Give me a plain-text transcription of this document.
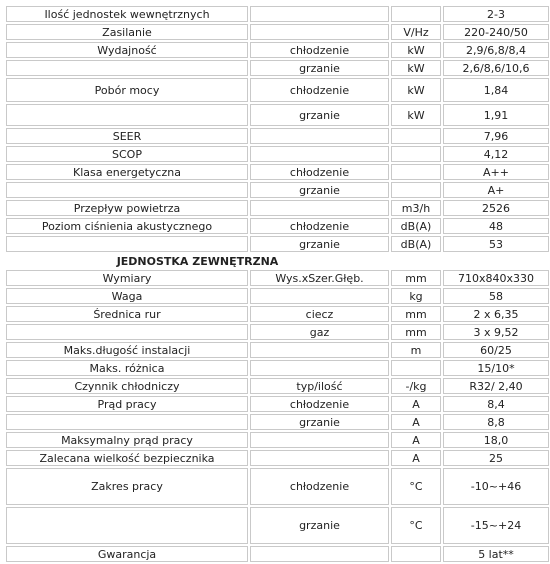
Ilość jednostek wewnętrznych			2-3
Zasilanie		V/Hz	220-240/50
Wydajność	chłodzenie	kW	2,9/6,8/8,4
	grzanie	kW	2,6/8,6/10,6
Pobór mocy	chłodzenie	kW	1,84
	grzanie	kW	1,91
SEER			7,96
SCOP			4,12
Klasa energetyczna	chłodzenie		A++
	grzanie		A+
Przepływ powietrza		m3/h	2526
Poziom ciśnienia akustycznego	chłodzenie	dB(A)	48
	grzanie	dB(A)	53
JEDNOSTKA ZEWNĘTRZNA			
Wymiary	Wys.xSzer.Głęb.	mm	710x840x330
Waga		kg	58
Średnica rur	ciecz	mm	2 x 6,35
	gaz	mm	3 x 9,52
Maks.długość instalacji		m	60/25
Maks. różnica			15/10*
Czynnik chłodniczy	typ/ilość	-/kg	R32/ 2,40
Prąd pracy	chłodzenie	A	8,4
	grzanie	A	8,8
Maksymalny prąd pracy		A	18,0
Zalecana wielkość bezpiecznika		A	25
Zakres pracy	chłodzenie	°C	-10~+46
	grzanie	°C	-15~+24
Gwarancja			5 lat**
